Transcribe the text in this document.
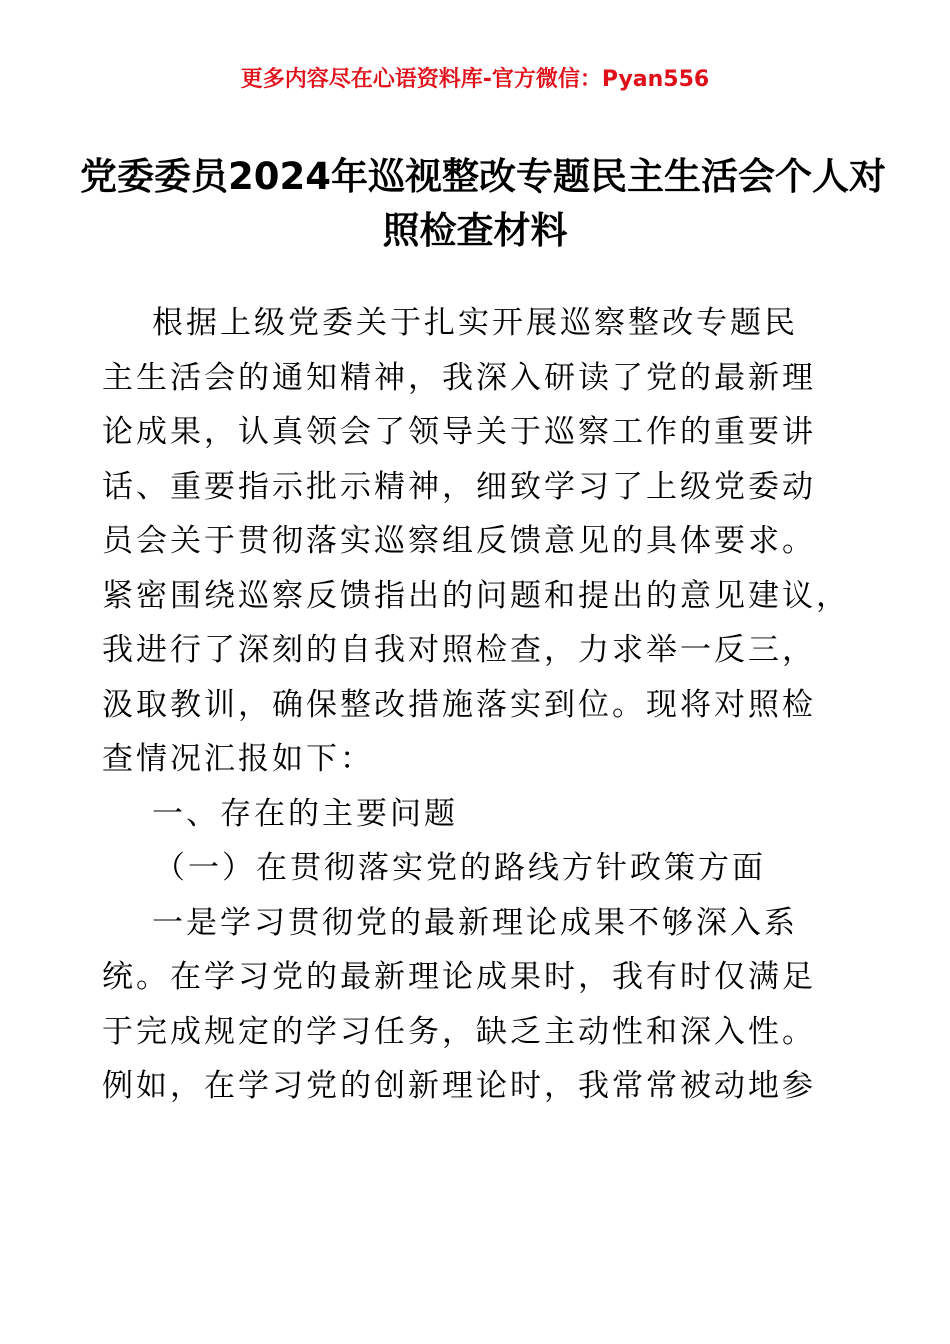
更多内容尽在心语资料库-官方微信：Pyan556
党委委员2024年巡视整改专题民主生活会个人对
照检查材料
根据上级党委关于扎实开展巡察整改专题民
主生活会的通知精神，我深入研读了党的最新理
论成果，认真领会了领导关于巡察工作的重要讲
话、重要指示批示精神，细致学习了上级党委动
员会关于贯彻落实巡察组反馈意见的具体要求。
紧密围绕巡察反馈指出的问题和提出的意见建议，
我进行了深刻的自我对照检查，力求举一反三，
汲取教训，确保整改措施落实到位。现将对照检
查情况汇报如下：
一、存在的主要问题
（一）在贯彻落实党的路线方针政策方面
一是学习贯彻党的最新理论成果不够深入系
统。在学习党的最新理论成果时，我有时仅满足
于完成规定的学习任务，缺乏主动性和深入性。
例如，在学习党的创新理论时，我常常被动地参
